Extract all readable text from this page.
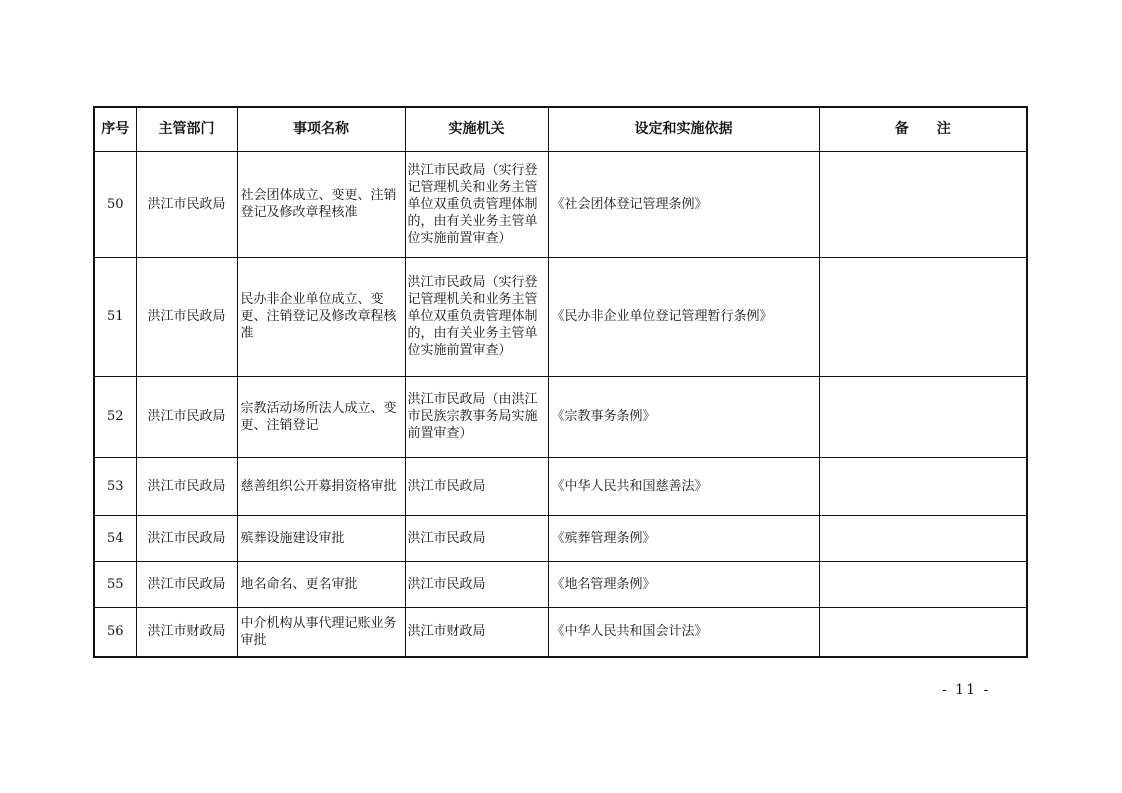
序号	主管部门	事项名称	实施机关	设定和实施依据	备 注
50	洪江市民政局	社会团体成立、变更、注销登记及修改章程核准	洪江市民政局（实行登记管理机关和业务主管单位双重负责管理体制的，由有关业务主管单位实施前置审查）	《社会团体登记管理条例》	
51	洪江市民政局	民办非企业单位成立、变更、注销登记及修改章程核准	洪江市民政局（实行登记管理机关和业务主管单位双重负责管理体制的，由有关业务主管单位实施前置审查）	《民办非企业单位登记管理暂行条例》	
52	洪江市民政局	宗教活动场所法人成立、变更、注销登记	洪江市民政局（由洪江市民族宗教事务局实施前置审查）	《宗教事务条例》	
53	洪江市民政局	慈善组织公开募捐资格审批	洪江市民政局	《中华人民共和国慈善法》	
54	洪江市民政局	殡葬设施建设审批	洪江市民政局	《殡葬管理条例》	
55	洪江市民政局	地名命名、更名审批	洪江市民政局	《地名管理条例》	
56	洪江市财政局	中介机构从事代理记账业务审批	洪江市财政局	《中华人民共和国会计法》	
- 11 -
